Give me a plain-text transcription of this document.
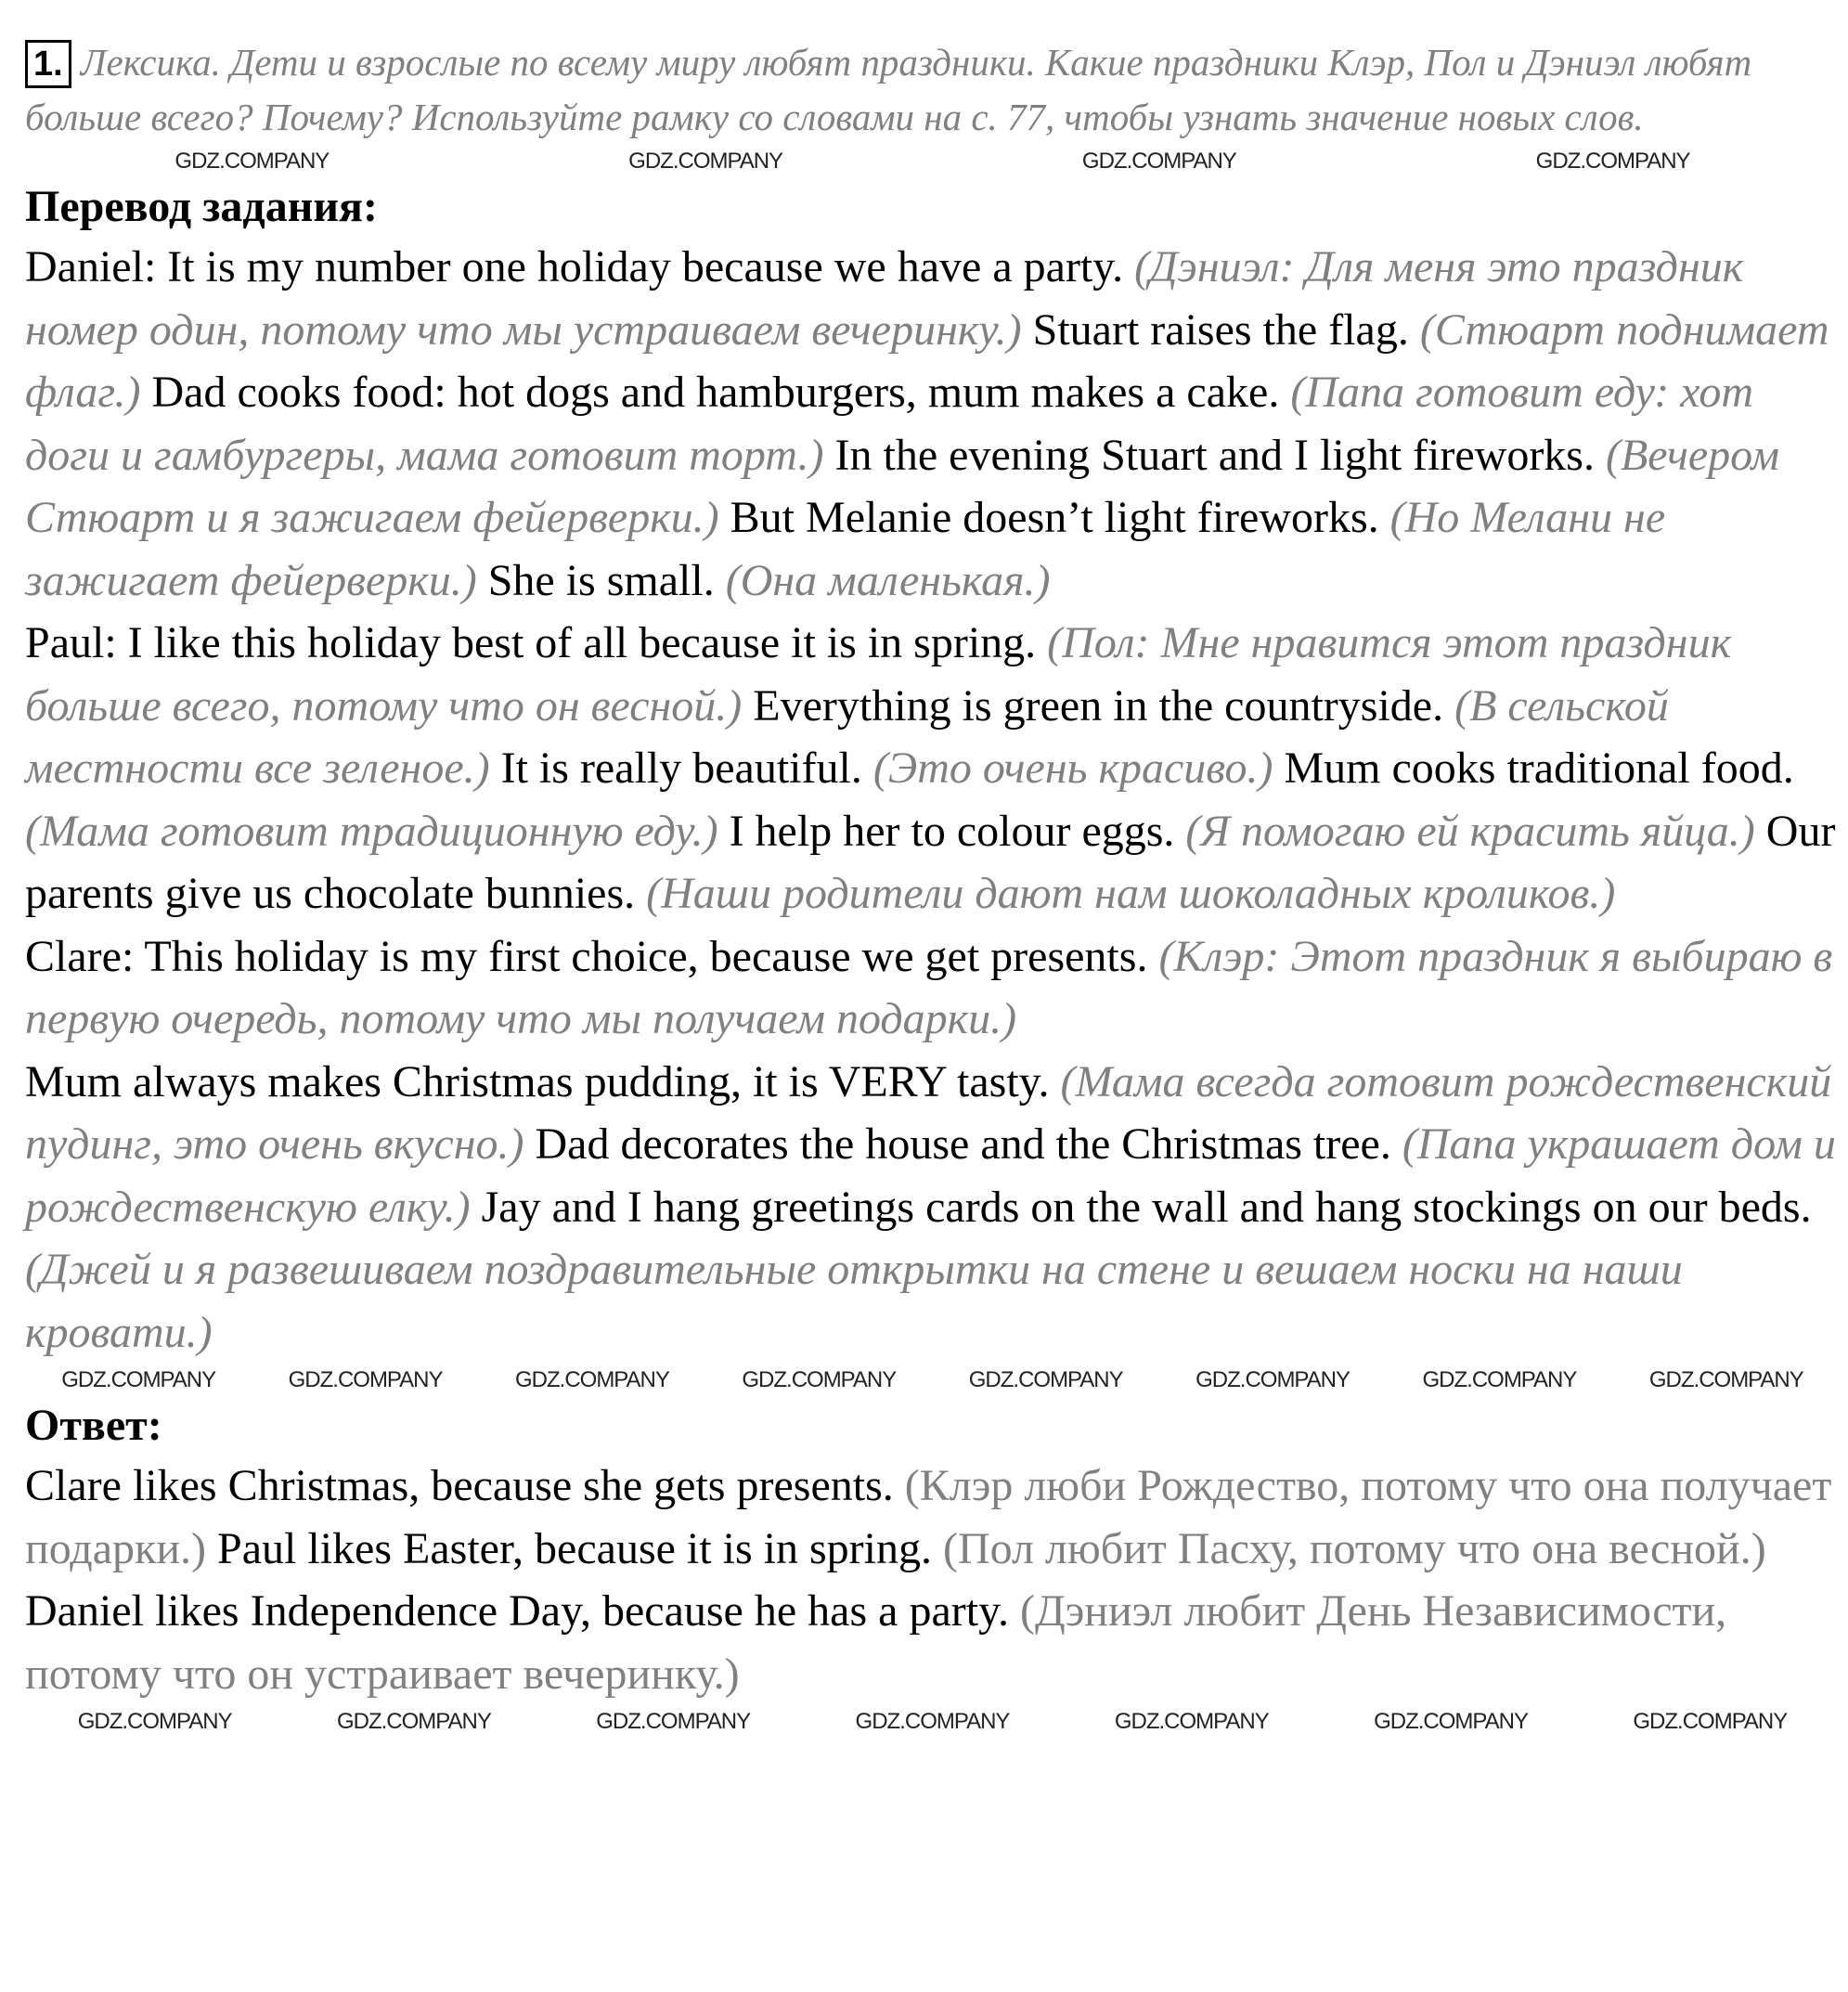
1. Лексика. Дети и взрослые по всему миру любят праздники. Какие праздники Клэр, Пол и Дэниэл любят больше всего? Почему? Используйте рамку со словами на с. 77, чтобы узнать значение новых слов.
GDZ.COMPANY	GDZ.COMPANY	GDZ.COMPANY	GDZ.COMPANY
Перевод задания:

Daniel: It is my number one holiday because we have a party. (Дэниэл: Для меня это праздник номер один, потому что мы устраиваем вечеринку.) Stuart raises the flag. (Стюарт поднимает флаг.) Dad cooks food: hot dogs and hamburgers, mum makes a cake. (Папа готовит еду: хот доги и гамбургеры, мама готовит торт.) In the evening Stuart and I light fireworks. (Вечером Стюарт и я зажигаем фейерверки.) But Melanie doesn’t light fireworks. (Но Мелани не зажигает фейерверки.) She is small. (Она маленькая.)

Paul: I like this holiday best of all because it is in spring. (Пол: Мне нравится этот праздник больше всего, потому что он весной.) Everything is green in the countryside. (В сельской местности все зеленое.) It is really beautiful. (Это очень красиво.) Mum cooks traditional food. (Мама готовит традиционную еду.) I help her to colour eggs. (Я помогаю ей красить яйца.) Our parents give us chocolate bunnies. (Наши родители дают нам шоколадных кроликов.)

Clare: This holiday is my first choice, because we get presents. (Клэр: Этот праздник я выбираю в первую очередь, потому что мы получаем подарки.)

Mum always makes Christmas pudding, it is VERY tasty. (Мама всегда готовит рождественский пудинг, это очень вкусно.) Dad decorates the house and the Christmas tree. (Папа украшает дом и рождественскую елку.) Jay and I hang greetings cards on the wall and hang stockings on our beds. (Джей и я развешиваем поздравительные открытки на стене и вешаем носки на наши кровати.)

GDZ.COMPANY	GDZ.COMPANY	GDZ.COMPANY	GDZ.COMPANY	GDZ.COMPANY	GDZ.COMPANY	GDZ.COMPANY	GDZ.COMPANY
Ответ:

Clare likes Christmas, because she gets presents. (Клэр люби Рождество, потому что она получает подарки.) Paul likes Easter, because it is in spring. (Пол любит Пасху, потому что она весной.) Daniel likes Independence Day, because he has a party. (Дэниэл любит День Независимости, потому что он устраивает вечеринку.)

GDZ.COMPANY	GDZ.COMPANY	GDZ.COMPANY	GDZ.COMPANY	GDZ.COMPANY	GDZ.COMPANY	GDZ.COMPANY
